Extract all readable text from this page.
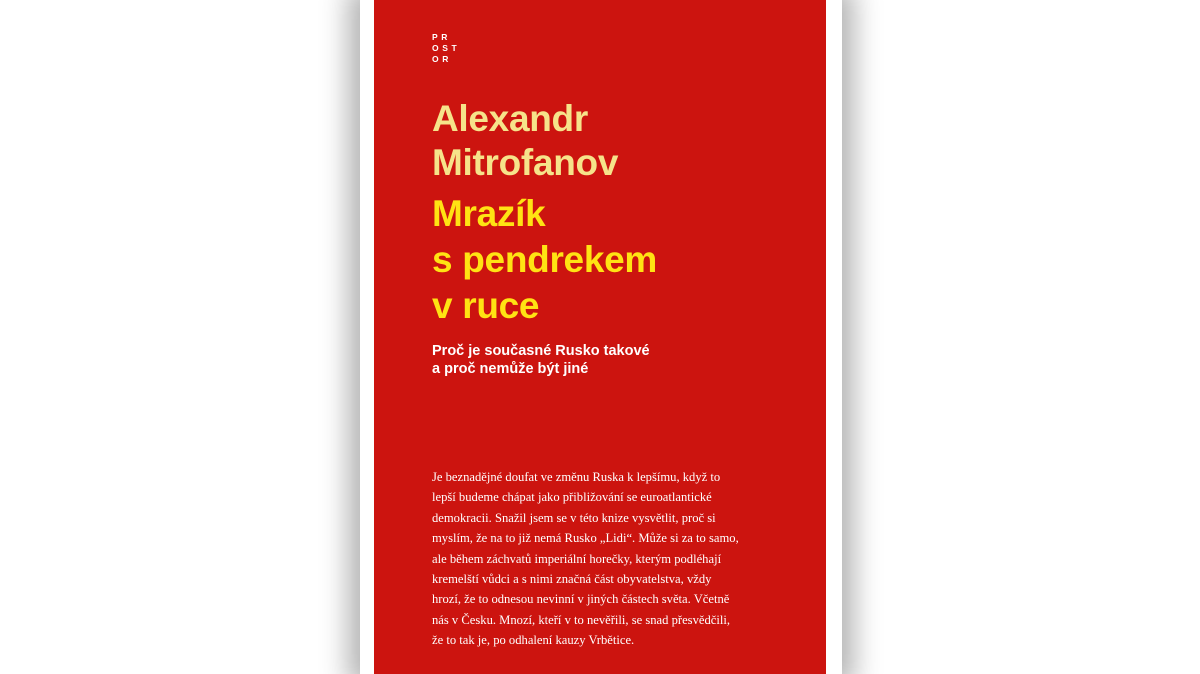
PR
OST
OR
Alexandr
Mitrofanov
Mrazík
s pendrekem
v ruce
Proč je současné Rusko takové
a proč nemůže být jiné
Je beznadějné doufat ve změnu Ruska k lepšímu, když to
lepší budeme chápat jako přibližování se euroatlantické
demokracii. Snažil jsem se v této knize vysvětlit, proč si
myslím, že na to již nemá Rusko „Lidi“. Může si za to samo,
ale během záchvatů imperiální horečky, kterým podléhají
kremelští vůdci a s nimi značná část obyvatelstva, vždy
hrozí, že to odnesou nevinní v jiných částech světa. Včetně
nás v Česku. Mnozí, kteří v to nevěřili, se snad přesvědčili,
že to tak je, po odhalení kauzy Vrbětice.
